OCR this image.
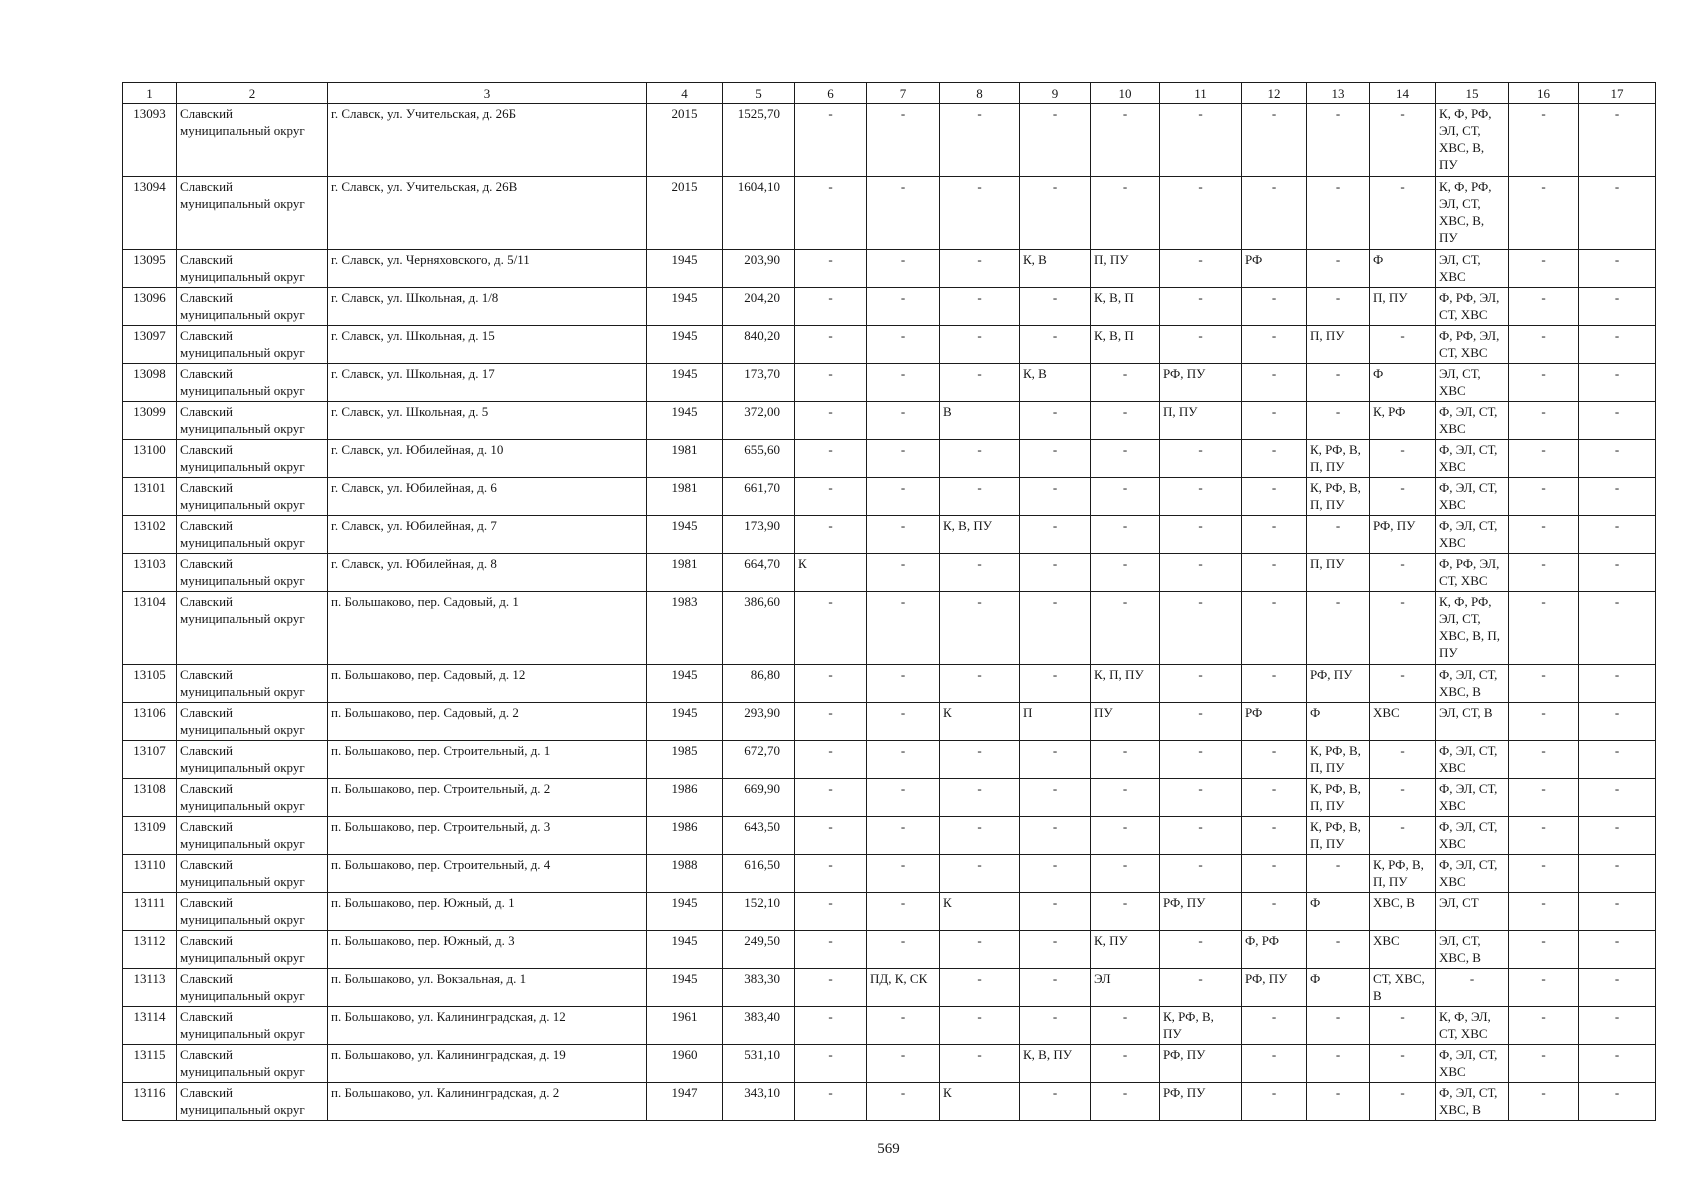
1	2	3	4	5	6	7	8	9	10	11	12	13	14	15	16	17
13093	Славский
муниципальный округ	г. Славск, ул. Учительская, д. 26Б	2015	1525,70	-	-	-	-	-	-	-	-	-	К, Ф, РФ,
ЭЛ, СТ,
ХВС, В,
ПУ	-	-
13094	Славский
муниципальный округ	г. Славск, ул. Учительская, д. 26В	2015	1604,10	-	-	-	-	-	-	-	-	-	К, Ф, РФ,
ЭЛ, СТ,
ХВС, В,
ПУ	-	-
13095	Славский
муниципальный округ	г. Славск, ул. Черняховского, д. 5/11	1945	203,90	-	-	-	К, В	П, ПУ	-	РФ	-	Ф	ЭЛ, СТ,
ХВС	-	-
13096	Славский
муниципальный округ	г. Славск, ул. Школьная, д. 1/8	1945	204,20	-	-	-	-	К, В, П	-	-	-	П, ПУ	Ф, РФ, ЭЛ,
СТ, ХВС	-	-
13097	Славский
муниципальный округ	г. Славск, ул. Школьная, д. 15	1945	840,20	-	-	-	-	К, В, П	-	-	П, ПУ	-	Ф, РФ, ЭЛ,
СТ, ХВС	-	-
13098	Славский
муниципальный округ	г. Славск, ул. Школьная, д. 17	1945	173,70	-	-	-	К, В	-	РФ, ПУ	-	-	Ф	ЭЛ, СТ,
ХВС	-	-
13099	Славский
муниципальный округ	г. Славск, ул. Школьная, д. 5	1945	372,00	-	-	В	-	-	П, ПУ	-	-	К, РФ	Ф, ЭЛ, СТ,
ХВС	-	-
13100	Славский
муниципальный округ	г. Славск, ул. Юбилейная, д. 10	1981	655,60	-	-	-	-	-	-	-	К, РФ, В,
П, ПУ	-	Ф, ЭЛ, СТ,
ХВС	-	-
13101	Славский
муниципальный округ	г. Славск, ул. Юбилейная, д. 6	1981	661,70	-	-	-	-	-	-	-	К, РФ, В,
П, ПУ	-	Ф, ЭЛ, СТ,
ХВС	-	-
13102	Славский
муниципальный округ	г. Славск, ул. Юбилейная, д. 7	1945	173,90	-	-	К, В, ПУ	-	-	-	-	-	РФ, ПУ	Ф, ЭЛ, СТ,
ХВС	-	-
13103	Славский
муниципальный округ	г. Славск, ул. Юбилейная, д. 8	1981	664,70	К	-	-	-	-	-	-	П, ПУ	-	Ф, РФ, ЭЛ,
СТ, ХВС	-	-
13104	Славский
муниципальный округ	п. Большаково, пер. Садовый, д. 1	1983	386,60	-	-	-	-	-	-	-	-	-	К, Ф, РФ,
ЭЛ, СТ,
ХВС, В, П,
ПУ	-	-
13105	Славский
муниципальный округ	п. Большаково, пер. Садовый, д. 12	1945	86,80	-	-	-	-	К, П, ПУ	-	-	РФ, ПУ	-	Ф, ЭЛ, СТ,
ХВС, В	-	-
13106	Славский
муниципальный округ	п. Большаково, пер. Садовый, д. 2	1945	293,90	-	-	К	П	ПУ	-	РФ	Ф	ХВС	ЭЛ, СТ, В	-	-
13107	Славский
муниципальный округ	п. Большаково, пер. Строительный, д. 1	1985	672,70	-	-	-	-	-	-	-	К, РФ, В,
П, ПУ	-	Ф, ЭЛ, СТ,
ХВС	-	-
13108	Славский
муниципальный округ	п. Большаково, пер. Строительный, д. 2	1986	669,90	-	-	-	-	-	-	-	К, РФ, В,
П, ПУ	-	Ф, ЭЛ, СТ,
ХВС	-	-
13109	Славский
муниципальный округ	п. Большаково, пер. Строительный, д. 3	1986	643,50	-	-	-	-	-	-	-	К, РФ, В,
П, ПУ	-	Ф, ЭЛ, СТ,
ХВС	-	-
13110	Славский
муниципальный округ	п. Большаково, пер. Строительный, д. 4	1988	616,50	-	-	-	-	-	-	-	-	К, РФ, В,
П, ПУ	Ф, ЭЛ, СТ,
ХВС	-	-
13111	Славский
муниципальный округ	п. Большаково, пер. Южный, д. 1	1945	152,10	-	-	К	-	-	РФ, ПУ	-	Ф	ХВС, В	ЭЛ, СТ	-	-
13112	Славский
муниципальный округ	п. Большаково, пер. Южный, д. 3	1945	249,50	-	-	-	-	К, ПУ	-	Ф, РФ	-	ХВС	ЭЛ, СТ,
ХВС, В	-	-
13113	Славский
муниципальный округ	п. Большаково, ул. Вокзальная, д. 1	1945	383,30	-	ПД, К, СК	-	-	ЭЛ	-	РФ, ПУ	Ф	СТ, ХВС,
В	-	-	-
13114	Славский
муниципальный округ	п. Большаково, ул. Калининградская, д. 12	1961	383,40	-	-	-	-	-	К, РФ, В,
ПУ	-	-	-	К, Ф, ЭЛ,
СТ, ХВС	-	-
13115	Славский
муниципальный округ	п. Большаково, ул. Калининградская, д. 19	1960	531,10	-	-	-	К, В, ПУ	-	РФ, ПУ	-	-	-	Ф, ЭЛ, СТ,
ХВС	-	-
13116	Славский
муниципальный округ	п. Большаково, ул. Калининградская, д. 2	1947	343,10	-	-	К	-	-	РФ, ПУ	-	-	-	Ф, ЭЛ, СТ,
ХВС, В	-	-
569
